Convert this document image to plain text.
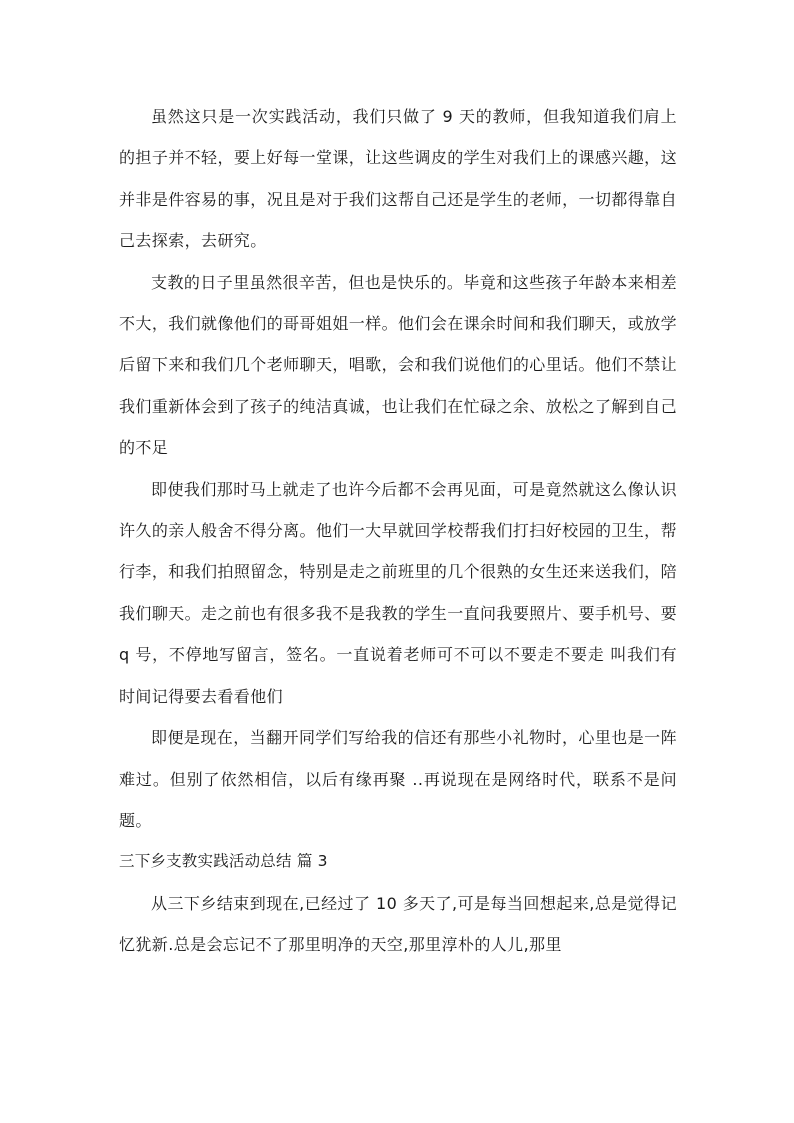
虽然这只是一次实践活动，我们只做了 9 天的教师，但我知道我们肩上的担子并不轻，要上好每一堂课，让这些调皮的学生对我们上的课感兴趣，这并非是件容易的事，况且是对于我们这帮自己还是学生的老师，一切都得靠自己去探索，去研究。

支教的日子里虽然很辛苦，但也是快乐的。毕竟和这些孩子年龄本来相差不大，我们就像他们的哥哥姐姐一样。他们会在课余时间和我们聊天，或放学后留下来和我们几个老师聊天，唱歌，会和我们说他们的心里话。他们不禁让我们重新体会到了孩子的纯洁真诚，也让我们在忙碌之余、放松之了解到自己的不足

即使我们那时马上就走了也许今后都不会再见面，可是竟然就这么像认识许久的亲人般舍不得分离。他们一大早就回学校帮我们打扫好校园的卫生，帮行李，和我们拍照留念，特别是走之前班里的几个很熟的女生还来送我们，陪我们聊天。走之前也有很多我不是我教的学生一直问我要照片、要手机号、要 q 号，不停地写留言，签名。一直说着老师可不可以不要走不要走 叫我们有时间记得要去看看他们

即便是现在，当翻开同学们写给我的信还有那些小礼物时，心里也是一阵难过。但别了依然相信，以后有缘再聚 ..再说现在是网络时代，联系不是问题。

三下乡支教实践活动总结 篇 3

从三下乡结束到现在,已经过了 10 多天了,可是每当回想起来,总是觉得记忆犹新.总是会忘记不了那里明净的天空,那里淳朴的人儿,那里
